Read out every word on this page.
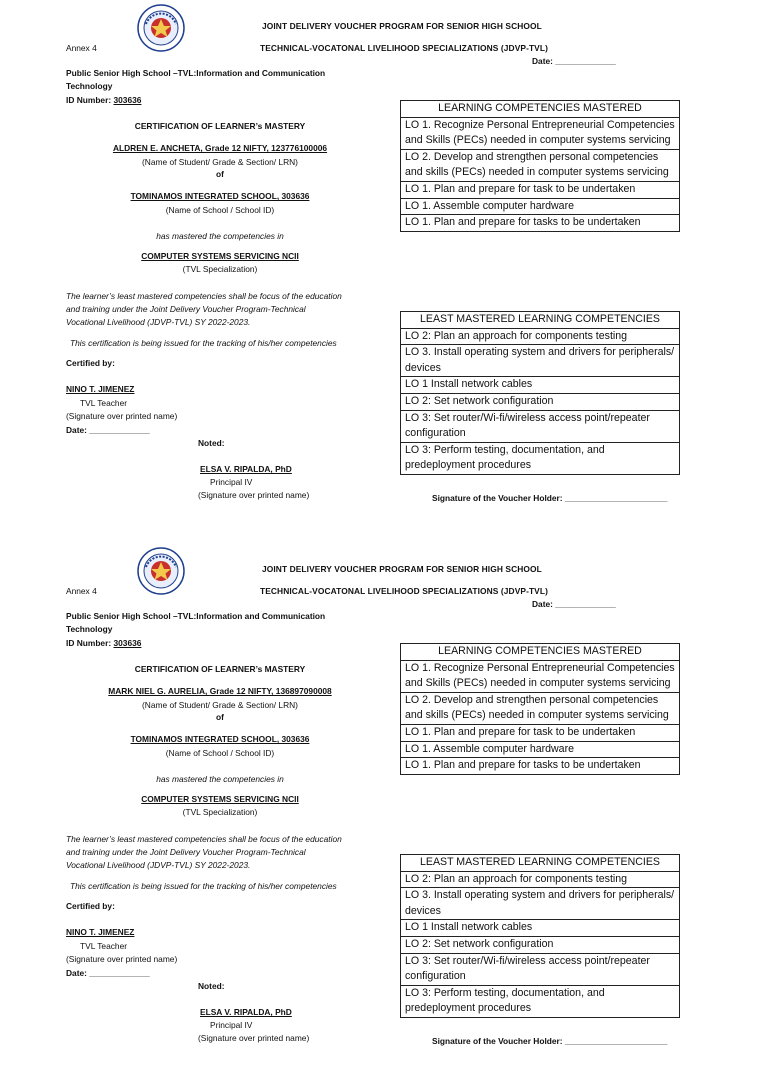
JOINT DELIVERY VOUCHER PROGRAM FOR SENIOR HIGH SCHOOL
Annex 4	TECHNICAL-VOCATONAL LIVELIHOOD SPECIALIZATIONS (JDVP-TVL)
Date: _____________
Public Senior High School –TVL:Information and Communication
Technology
ID Number: 303636
CERTIFICATION OF LEARNER’s MASTERY
ALDREN E. ANCHETA, Grade 12 NIFTY, 123776100006
(Name of Student/ Grade & Section/ LRN)
of
TOMINAMOS INTEGRATED SCHOOL, 303636
(Name of School / School ID)
has mastered the competencies in
COMPUTER SYSTEMS SERVICING NCII
(TVL Specialization)
The learner’s least mastered competencies shall be focus of the education
and training under the Joint Delivery Voucher Program-Technical
Vocational Livelihood (JDVP-TVL) SY 2022-2023.
This certification is being issued for the tracking of his/her competencies
Certified by:
NINO T. JIMENEZ
TVL Teacher
(Signature over printed name)
Date: _____________
Noted:
ELSA V. RIPALDA, PhD
Principal IV
(Signature over printed name)
LEARNING COMPETENCIES MASTERED
LO 1. Recognize Personal Entrepreneurial Competencies and Skills (PECs) needed in computer systems servicing
LO 2. Develop and strengthen personal competencies and skills (PECs) needed in computer systems servicing
LO 1. Plan and prepare for task to be undertaken
LO 1. Assemble computer hardware
LO 1. Plan and prepare for tasks to be undertaken
LEAST MASTERED LEARNING COMPETENCIES
LO 2: Plan an approach for components testing
LO 3. Install operating system and drivers for peripherals/ devices
LO 1 Install network cables
LO 2: Set network configuration
LO 3: Set router/Wi-fi/wireless access point/repeater configuration
LO 3: Perform testing, documentation, and predeployment procedures
Signature of the Voucher Holder: ______________________
JOINT DELIVERY VOUCHER PROGRAM FOR SENIOR HIGH SCHOOL
Annex 4	TECHNICAL-VOCATONAL LIVELIHOOD SPECIALIZATIONS (JDVP-TVL)
Date: _____________
Public Senior High School –TVL:Information and Communication
Technology
ID Number: 303636
CERTIFICATION OF LEARNER’s MASTERY
MARK NIEL G. AURELIA, Grade 12 NIFTY, 136897090008
(Name of Student/ Grade & Section/ LRN)
of
TOMINAMOS INTEGRATED SCHOOL, 303636
(Name of School / School ID)
has mastered the competencies in
COMPUTER SYSTEMS SERVICING NCII
(TVL Specialization)
The learner’s least mastered competencies shall be focus of the education
and training under the Joint Delivery Voucher Program-Technical
Vocational Livelihood (JDVP-TVL) SY 2022-2023.
This certification is being issued for the tracking of his/her competencies
Certified by:
NINO T. JIMENEZ
TVL Teacher
(Signature over printed name)
Date: _____________
Noted:
ELSA V. RIPALDA, PhD
Principal IV
(Signature over printed name)
LEARNING COMPETENCIES MASTERED
LO 1. Recognize Personal Entrepreneurial Competencies and Skills (PECs) needed in computer systems servicing
LO 2. Develop and strengthen personal competencies and skills (PECs) needed in computer systems servicing
LO 1. Plan and prepare for task to be undertaken
LO 1. Assemble computer hardware
LO 1. Plan and prepare for tasks to be undertaken
LEAST MASTERED LEARNING COMPETENCIES
LO 2: Plan an approach for components testing
LO 3. Install operating system and drivers for peripherals/ devices
LO 1 Install network cables
LO 2: Set network configuration
LO 3: Set router/Wi-fi/wireless access point/repeater configuration
LO 3: Perform testing, documentation, and predeployment procedures
Signature of the Voucher Holder: ______________________
